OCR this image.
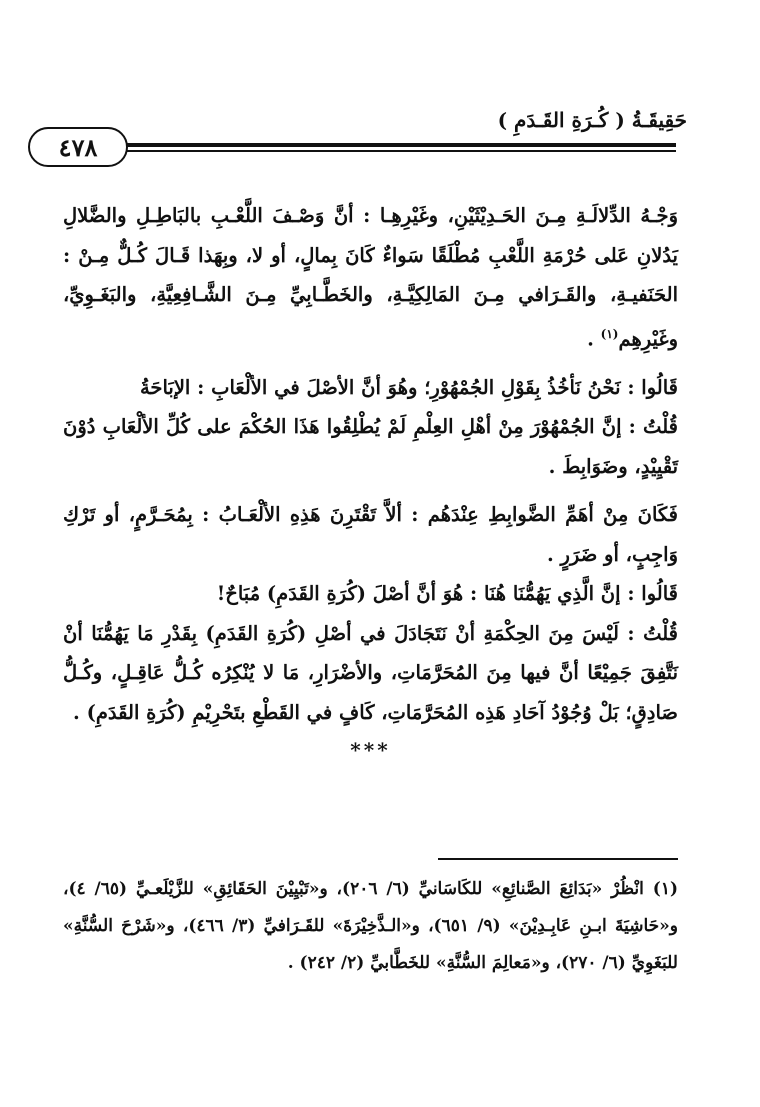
حَقِيقَـةُ ( كُـرَةِ القَـدَمِ )
٤٧٨

وَجْـهُ الدِّلالَـةِ مِـنَ الحَـدِيْثَيْنِ، وغَيْرِهِـا : أنَّ وَصْـفَ اللَّعْـبِ بالبَاطِـلِ والضَّلالِ يَدُلانِ عَلى حُرْمَةِ اللَّعْبِ مُطْلَقًا سَواءٌ كَانَ بِمالٍ، أو لا، وبِهَذا قَـالَ كُـلٌّ مِـنْ : الحَنَفيـةِ، والقَـرَافي مِـنَ المَالِكِيَّـةِ، والخَطَّـابِيِّ مِـنَ الشَّـافِعِيَّةِ، والبَغَـوِيِّ، وغَيْرِهِم$^{(١)}$ .

قَالُوا : نَحْنُ نَأخُذُ بِقَوْلِ الجُمْهُوْرِ؛ وهُوَ أنَّ الأصْلَ في الألْعَابِ : الإبَاحَةُ

قُلْتُ : إنَّ الجُمْهُوْرَ مِنْ أهْلِ العِلْمِ لَمْ يُطْلِقُوا هَذَا الحُكْمَ على كُلِّ الألْعَابِ دُوْنَ تَقْيِيْدٍ، وضَوَابِطَ .

فَكَانَ مِنْ أهَمِّ الضَّوابِطِ عِنْدَهُم : ألاَّ تَقْتَرِنَ هَذِهِ الألْعَـابُ : بِمُحَـرَّمٍ، أو تَرْكِ وَاجِبٍ، أو ضَرَرٍ .

قَالُوا : إنَّ الَّذِي يَهُمُّنَا هُنَا : هُوَ أنَّ أصْلَ (كُرَةِ القَدَمِ) مُبَاحٌ!

قُلْتُ : لَيْسَ مِنَ الحِكْمَةِ أنْ نَتَجَادَلَ في أصْلِ (كُرَةِ القَدَمِ) بِقَدْرِ مَا يَهُمُّنَا أنْ نَتَّفِقَ جَمِيْعًا أنَّ فيها مِنَ المُحَرَّمَاتِ، والأضْرَارِ، مَا لا يُنْكِرُه كُـلُّ عَاقِـلٍ، وكُـلُّ صَادِقٍ؛ بَلْ وُجُوْدُ آحَادِ هَذِه المُحَرَّمَاتِ، كَافٍ في القَطْعِ بتَحْرِيْمِ (كُرَةِ القَدَمِ) .

***

(١) انْظُرْ «بَدَائِعَ الصَّنائِعِ» للكَاسَانيِّ (٦/ ٢٠٦)، و«تَبْيِيْنَ الحَقَائِقِ» للزَّيْلَعـيِّ (٦٥/ ٤)، و«حَاشِيَةَ ابـنِ عَابِـدِيْنَ» (٩/ ٦٥١)، و«الـذَّخِيْرَةَ» للقَـرَافيِّ (٣/ ٤٦٦)، و«شَرْحَ السُّنَّةِ» للبَغَوِيِّ (٦/ ٢٧٠)، و«مَعالِمَ السُّنَّةِ» للخَطَّابيِّ (٢/ ٢٤٢) .
